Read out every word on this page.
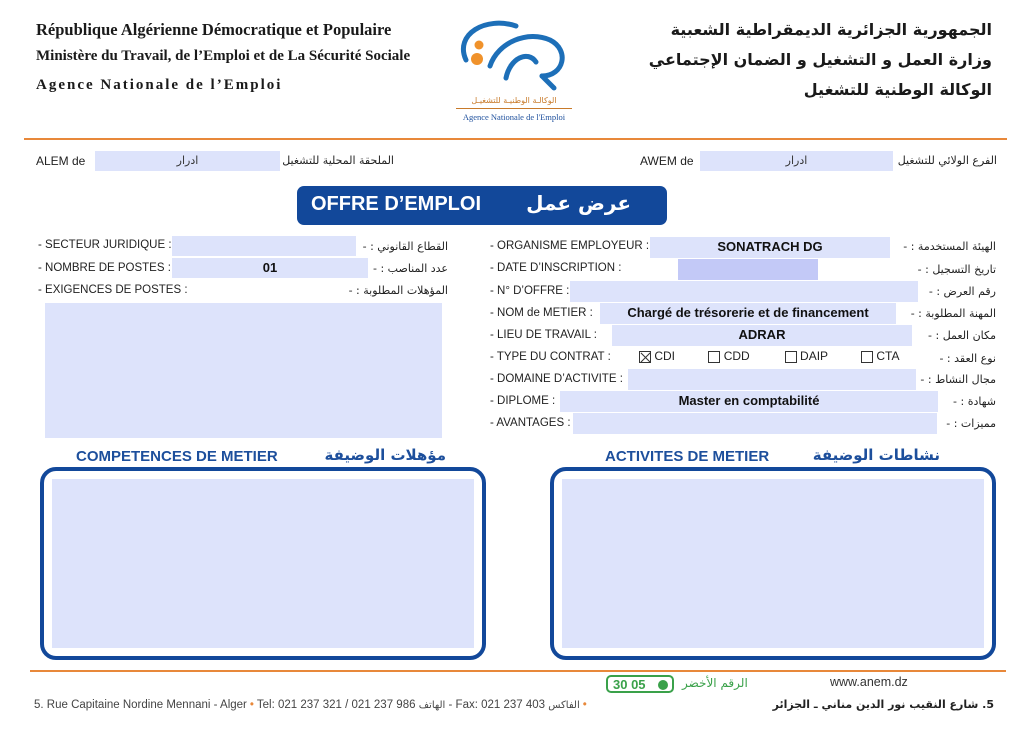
République Algérienne Démocratique et Populaire
Ministère du Travail, de l’Emploi et de La Sécurité Sociale
Agence Nationale de l’Emploi
الجمهورية الجزائرية الديمقراطية الشعبية
وزارة العمل و التشغيل و الضمان الإجتماعي
الوكالة الوطنية للتشغيل
الوكالـة الوطنيـة للتشغيـل
Agence Nationale de l'Emploi
ALEM de	ادرار	الملحقة المحلية للتشغيل	AWEM de	ادرار	الفرع الولائي للتشغيل
OFFRE D’EMPLOI عرض عمل
- SECTEUR JURIDIQUE :	القطاع القانوني : -
- NOMBRE DE POSTES :	01	عدد المناصب : -
- EXIGENCES DE POSTES :	المؤهلات المطلوبة : -
- ORGANISME EMPLOYEUR :	SONATRACH DG	الهيئة المستخدمة : -
- DATE D’INSCRIPTION :	تاريخ التسجيل : -
- N° D’OFFRE :	رقم العرض : -
- NOM de METIER :	Chargé de trésorerie et de financement	المهنة المطلوبة : -
- LIEU DE TRAVAIL :	ADRAR	مكان العمل : -
- TYPE DU CONTRAT :	CDI	CDD	DAIP	CTA	نوع العقد : -
- DOMAINE D’ACTIVITE :	مجال النشاط : -
- DIPLOME :	Master en comptabilité	شهادة : -
- AVANTAGES :	مميزات : -
COMPETENCES DE METIER	مؤهلات الوضيفة	ACTIVITES DE METIER	نشاطات الوضيفة
30 05	الرقم الأخضر	www.anem.dz
5. Rue Capitaine Nordine Mennani - Alger • Tel: 021 237 321 / 021 237 986 الهاتف - Fax: 021 237 403 الفاكس •	5. شارع النقيب نور الدين مناني ـ الجزائر
